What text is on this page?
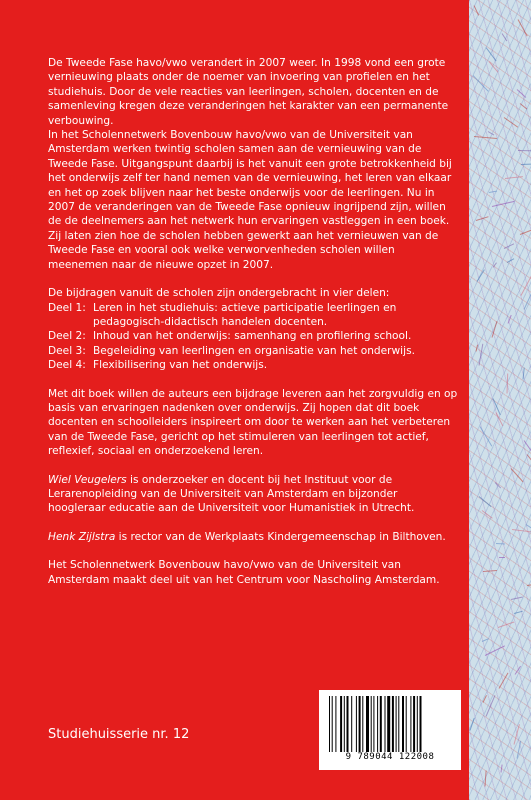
De Tweede Fase havo/vwo verandert in 2007 weer. In 1998 vond een grote vernieuwing plaats onder de noemer van invoering van profielen en het studiehuis. Door de vele reacties van leerlingen, scholen, docenten en de samenleving kregen deze veranderingen het karakter van een permanente verbouwing.

In het Scholennetwerk Bovenbouw havo/vwo van de Universiteit van Amsterdam werken twintig scholen samen aan de vernieuwing van de Tweede Fase. Uitgangspunt daarbij is het vanuit een grote betrokkenheid bij het onderwijs zelf ter hand nemen van de vernieuwing, het leren van elkaar en het op zoek blijven naar het beste onderwijs voor de leerlingen. Nu in 2007 de veranderingen van de Tweede Fase opnieuw ingrijpend zijn, willen de de deelnemers aan het netwerk hun ervaringen vastleggen in een boek. Zij laten zien hoe de scholen hebben gewerkt aan het vernieuwen van de Tweede Fase en vooral ook welke verworvenheden scholen willen meenemen naar de nieuwe opzet in 2007.

De bijdragen vanuit de scholen zijn ondergebracht in vier delen:

Deel 1: Leren in het studiehuis: actieve participatie leerlingen en pedagogisch-didactisch handelen docenten.
Deel 2: Inhoud van het onderwijs: samenhang en profilering school.
Deel 3: Begeleiding van leerlingen en organisatie van het onderwijs.
Deel 4: Flexibilisering van het onderwijs.

Met dit boek willen de auteurs een bijdrage leveren aan het zorgvuldig en op basis van ervaringen nadenken over onderwijs. Zij hopen dat dit boek docenten en schoolleiders inspireert om door te werken aan het verbeteren van de Tweede Fase, gericht op het stimuleren van leerlingen tot actief, reflexief, sociaal en onderzoekend leren.

Wiel Veugelers is onderzoeker en docent bij het Instituut voor de Lerarenopleiding van de Universiteit van Amsterdam en bijzonder hoogleraar educatie aan de Universiteit voor Humanistiek in Utrecht.

Henk Zijlstra is rector van de Werkplaats Kindergemeenschap in Bilthoven.

Het Scholennetwerk Bovenbouw havo/vwo van de Universiteit van Amsterdam maakt deel uit van het Centrum voor Nascholing Amsterdam.

Studiehuisserie nr. 12
9 789044 122008
